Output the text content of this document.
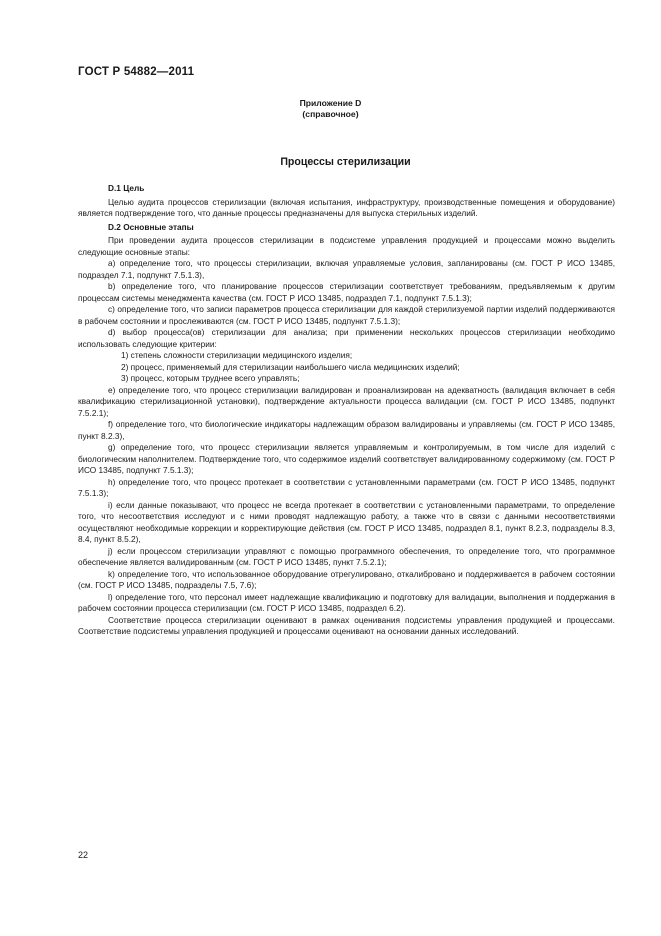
ГОСТ Р 54882—2011
Приложение D
(справочное)
Процессы стерилизации

D.1 Цель

Целью аудита процессов стерилизации (включая испытания, инфраструктуру, производственные помещения и оборудование) является подтверждение того, что данные процессы предназначены для выпуска стерильных изделий.

D.2 Основные этапы

При проведении аудита процессов стерилизации в подсистеме управления продукцией и процессами можно выделить следующие основные этапы:

a) определение того, что процессы стерилизации, включая управляемые условия, запланированы (см. ГОСТ Р ИСО 13485, подраздел 7.1, подпункт 7.5.1.3),

b) определение того, что планирование процессов стерилизации соответствует требованиям, предъявляемым к другим процессам системы менеджмента качества (см. ГОСТ Р ИСО 13485, подраздел 7.1, подпункт 7.5.1.3);

c) определение того, что записи параметров процесса стерилизации для каждой стерилизуемой партии изделий поддерживаются в рабочем состоянии и прослеживаются (см. ГОСТ Р ИСО 13485, подпункт 7.5.1.3);

d) выбор процесса(ов) стерилизации для анализа; при применении нескольких процессов стерилизации необходимо использовать следующие критерии:

1) степень сложности стерилизации медицинского изделия;

2) процесс, применяемый для стерилизации наибольшего числа медицинских изделий;

3) процесс, которым труднее всего управлять;

e) определение того, что процесс стерилизации валидирован и проанализирован на адекватность (валидация включает в себя квалификацию стерилизационной установки), подтверждение актуальности процесса валидации (см. ГОСТ Р ИСО 13485, подпункт 7.5.2.1);

f) определение того, что биологические индикаторы надлежащим образом валидированы и управляемы (см. ГОСТ Р ИСО 13485, пункт 8.2.3),

g) определение того, что процесс стерилизации является управляемым и контролируемым, в том числе для изделий с биологическим наполнителем. Подтверждение того, что содержимое изделий соответствует валидированному содержимому (см. ГОСТ Р ИСО 13485, подпункт 7.5.1.3);

h) определение того, что процесс протекает в соответствии с установленными параметрами (см. ГОСТ Р ИСО 13485, подпункт 7.5.1.3);

i) если данные показывают, что процесс не всегда протекает в соответствии с установленными параметрами, то определение того, что несоответствия исследуют и с ними проводят надлежащую работу, а также что в связи с данными несоответствиями осуществляют необходимые коррекции и корректирующие действия (см. ГОСТ Р ИСО 13485, подраздел 8.1, пункт 8.2.3, подразделы 8.3, 8.4, пункт 8.5.2),

j) если процессом стерилизации управляют с помощью программного обеспечения, то определение того, что программное обеспечение является валидированным (см. ГОСТ Р ИСО 13485, пункт 7.5.2.1);

k) определение того, что использованное оборудование отрегулировано, откалибровано и поддерживается в рабочем состоянии (см. ГОСТ Р ИСО 13485, подразделы 7.5, 7.6);

l) определение того, что персонал имеет надлежащие квалификацию и подготовку для валидации, выполнения и поддержания в рабочем состоянии процесса стерилизации (см. ГОСТ Р ИСО 13485, подраздел 6.2).

Соответствие процесса стерилизации оценивают в рамках оценивания подсистемы управления продукцией и процессами. Соответствие подсистемы управления продукцией и процессами оценивают на основании данных исследований.

22
